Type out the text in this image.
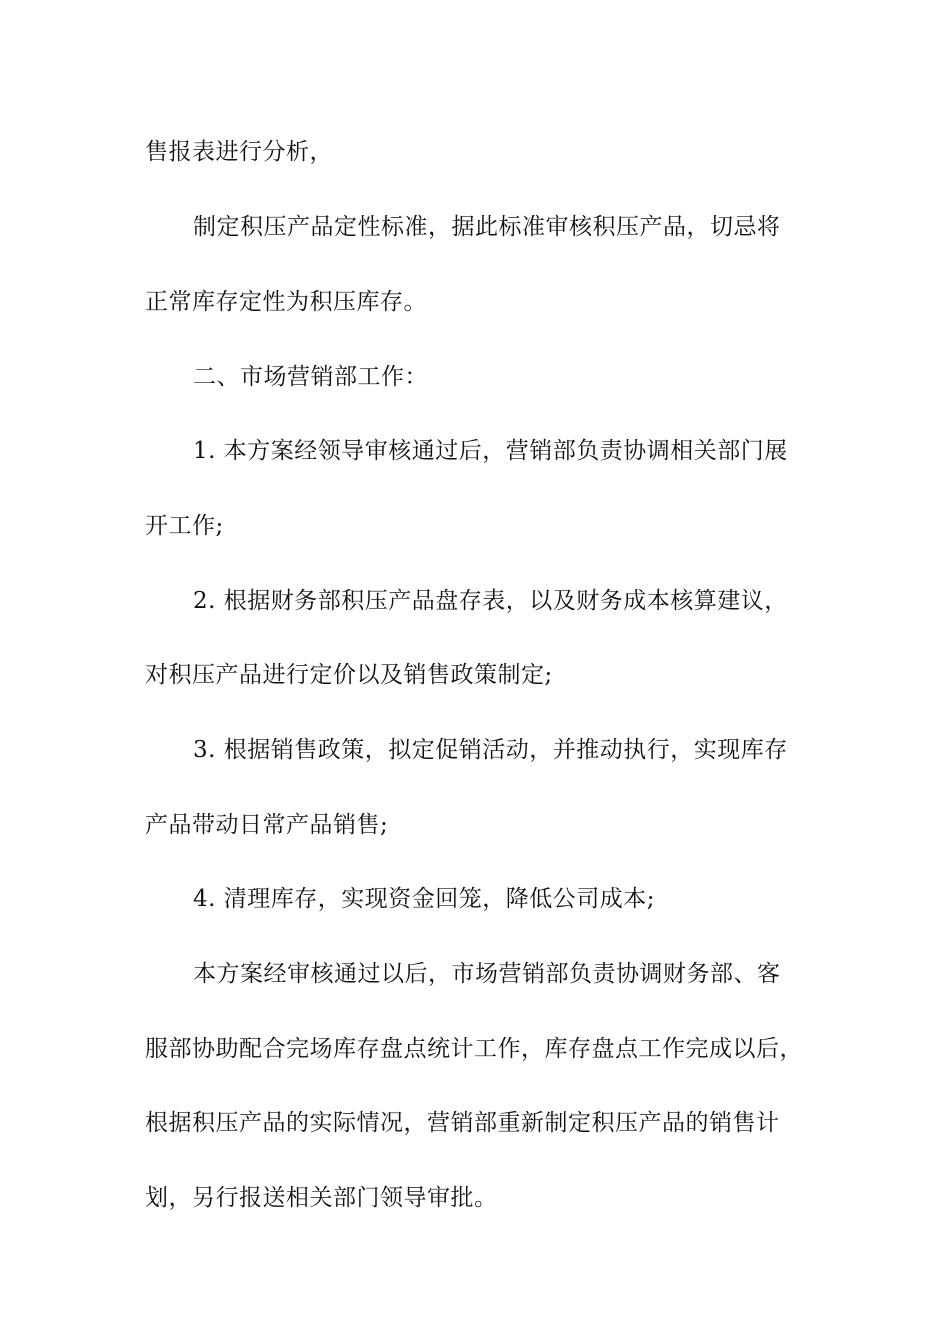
售报表进行分析，
制定积压产品定性标准，据此标准审核积压产品，切忌将
正常库存定性为积压库存。
二、市场营销部工作：
1. 本方案经领导审核通过后，营销部负责协调相关部门展
开工作;
2. 根据财务部积压产品盘存表，以及财务成本核算建议，
对积压产品进行定价以及销售政策制定;
3. 根据销售政策，拟定促销活动，并推动执行，实现库存
产品带动日常产品销售;
4. 清理库存，实现资金回笼，降低公司成本;
本方案经审核通过以后，市场营销部负责协调财务部、客
服部协助配合完场库存盘点统计工作，库存盘点工作完成以后，
根据积压产品的实际情况，营销部重新制定积压产品的销售计
划，另行报送相关部门领导审批。
